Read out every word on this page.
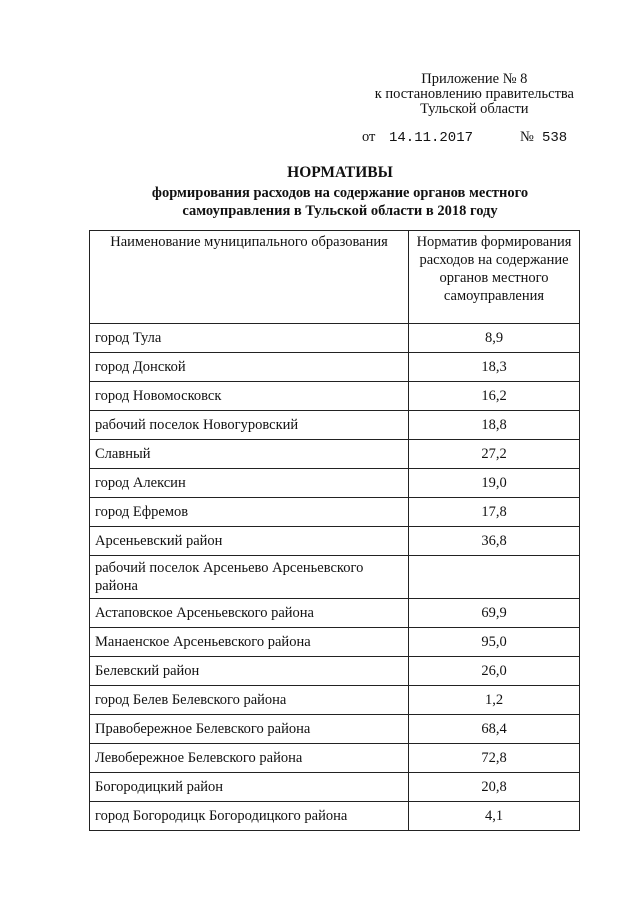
Приложение № 8
к постановлению правительства
Тульской области
от 14.11.2017	№ 538
НОРМАТИВЫ
формирования расходов на содержание органов местного
самоуправления в Тульской области в 2018 году
Наименование муниципального образования	Норматив формирования расходов на содержание органов местного самоуправления
город Тула	8,9
город Донской	18,3
город Новомосковск	16,2
рабочий поселок Новогуровский	18,8
Славный	27,2
город Алексин	19,0
город Ефремов	17,8
Арсеньевский район	36,8
рабочий поселок Арсеньево Арсеньевского района	
Астаповское Арсеньевского района	69,9
Манаенское Арсеньевского района	95,0
Белевский район	26,0
город Белев Белевского района	1,2
Правобережное Белевского района	68,4
Левобережное Белевского района	72,8
Богородицкий район	20,8
город Богородицк Богородицкого района	4,1
